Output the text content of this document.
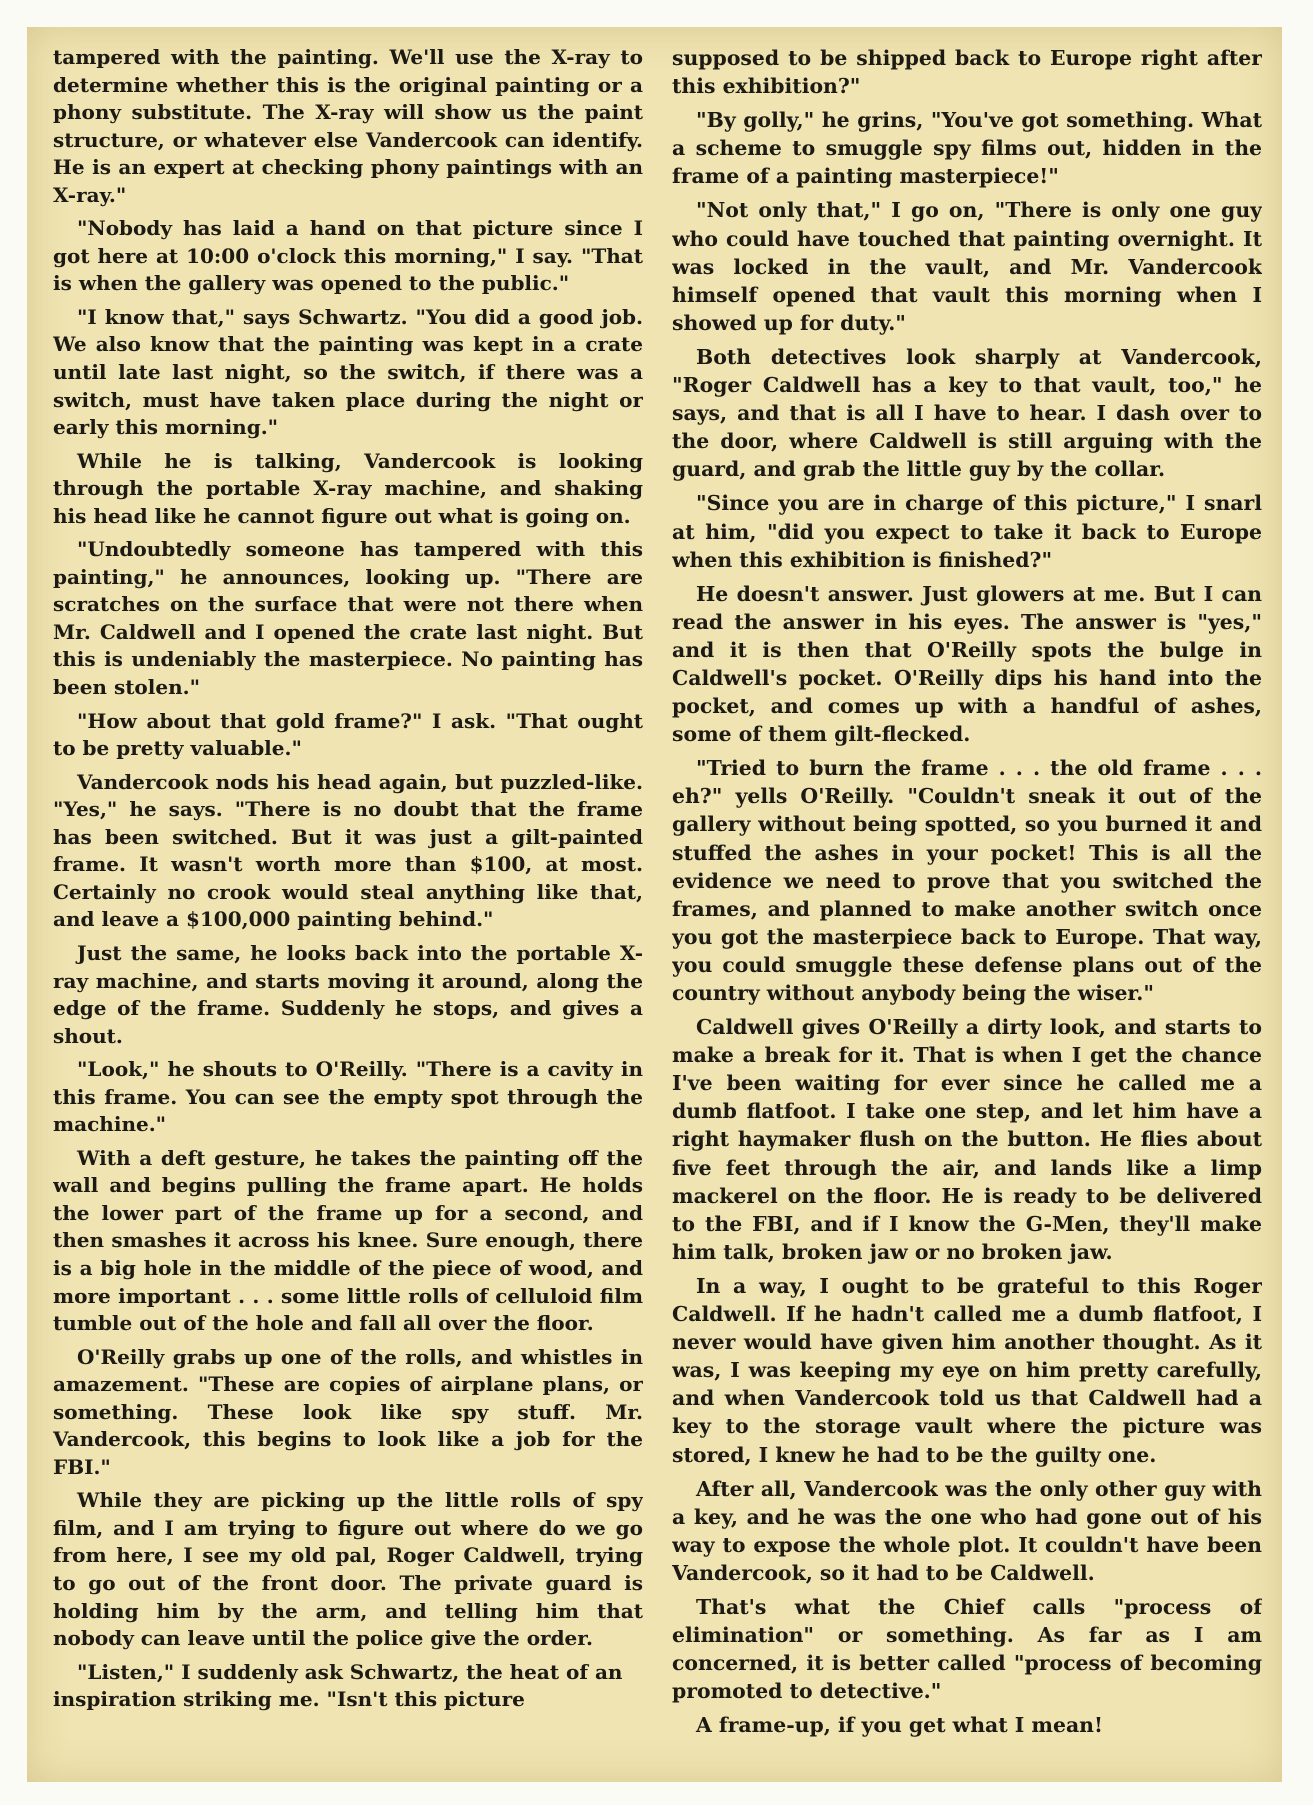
tampered with the painting. We'll use the X-ray to determine whether this is the original painting or a phony substitute. The X-ray will show us the paint structure, or whatever else Vandercook can identify. He is an expert at checking phony paintings with an X-ray."

"Nobody has laid a hand on that picture since I got here at 10:00 o'clock this morning," I say. "That is when the gallery was opened to the public."

"I know that," says Schwartz. "You did a good job. We also know that the painting was kept in a crate until late last night, so the switch, if there was a switch, must have taken place during the night or early this morning."

While he is talking, Vandercook is looking through the portable X-ray machine, and shaking his head like he cannot figure out what is going on.

"Undoubtedly someone has tampered with this painting," he announces, looking up. "There are scratches on the surface that were not there when Mr. Caldwell and I opened the crate last night. But this is undeniably the masterpiece. No painting has been stolen."

"How about that gold frame?" I ask. "That ought to be pretty valuable."

Vandercook nods his head again, but puzzled-like. "Yes," he says. "There is no doubt that the frame has been switched. But it was just a gilt-painted frame. It wasn't worth more than $100, at most. Certainly no crook would steal anything like that, and leave a $100,000 painting behind."

Just the same, he looks back into the portable X-ray machine, and starts moving it around, along the edge of the frame. Suddenly he stops, and gives a shout.

"Look," he shouts to O'Reilly. "There is a cavity in this frame. You can see the empty spot through the machine."

With a deft gesture, he takes the painting off the wall and begins pulling the frame apart. He holds the lower part of the frame up for a second, and then smashes it across his knee. Sure enough, there is a big hole in the middle of the piece of wood, and more important . . . some little rolls of celluloid film tumble out of the hole and fall all over the floor.

O'Reilly grabs up one of the rolls, and whistles in amazement. "These are copies of airplane plans, or something. These look like spy stuff. Mr. Vandercook, this begins to look like a job for the FBI."

While they are picking up the little rolls of spy film, and I am trying to figure out where do we go from here, I see my old pal, Roger Caldwell, trying to go out of the front door. The private guard is holding him by the arm, and telling him that nobody can leave until the police give the order.

"Listen," I suddenly ask Schwartz, the heat of an inspiration striking me. "Isn't this picture

supposed to be shipped back to Europe right after this exhibition?"

"By golly," he grins, "You've got something. What a scheme to smuggle spy films out, hidden in the frame of a painting masterpiece!"

"Not only that," I go on, "There is only one guy who could have touched that painting overnight. It was locked in the vault, and Mr. Vandercook himself opened that vault this morning when I showed up for duty."

Both detectives look sharply at Vandercook, "Roger Caldwell has a key to that vault, too," he says, and that is all I have to hear. I dash over to the door, where Caldwell is still arguing with the guard, and grab the little guy by the collar.

"Since you are in charge of this picture," I snarl at him, "did you expect to take it back to Europe when this exhibition is finished?"

He doesn't answer. Just glowers at me. But I can read the answer in his eyes. The answer is "yes," and it is then that O'Reilly spots the bulge in Caldwell's pocket. O'Reilly dips his hand into the pocket, and comes up with a handful of ashes, some of them gilt-flecked.

"Tried to burn the frame . . . the old frame . . . eh?" yells O'Reilly. "Couldn't sneak it out of the gallery without being spotted, so you burned it and stuffed the ashes in your pocket! This is all the evidence we need to prove that you switched the frames, and planned to make another switch once you got the masterpiece back to Europe. That way, you could smuggle these defense plans out of the country without anybody being the wiser."

Caldwell gives O'Reilly a dirty look, and starts to make a break for it. That is when I get the chance I've been waiting for ever since he called me a dumb flatfoot. I take one step, and let him have a right haymaker flush on the button. He flies about five feet through the air, and lands like a limp mackerel on the floor. He is ready to be delivered to the FBI, and if I know the G-Men, they'll make him talk, broken jaw or no broken jaw.

In a way, I ought to be grateful to this Roger Caldwell. If he hadn't called me a dumb flatfoot, I never would have given him another thought. As it was, I was keeping my eye on him pretty carefully, and when Vandercook told us that Caldwell had a key to the storage vault where the picture was stored, I knew he had to be the guilty one.

After all, Vandercook was the only other guy with a key, and he was the one who had gone out of his way to expose the whole plot. It couldn't have been Vandercook, so it had to be Caldwell.

That's what the Chief calls "process of elimination" or something. As far as I am concerned, it is better called "process of becoming promoted to detective."

A frame-up, if you get what I mean!
